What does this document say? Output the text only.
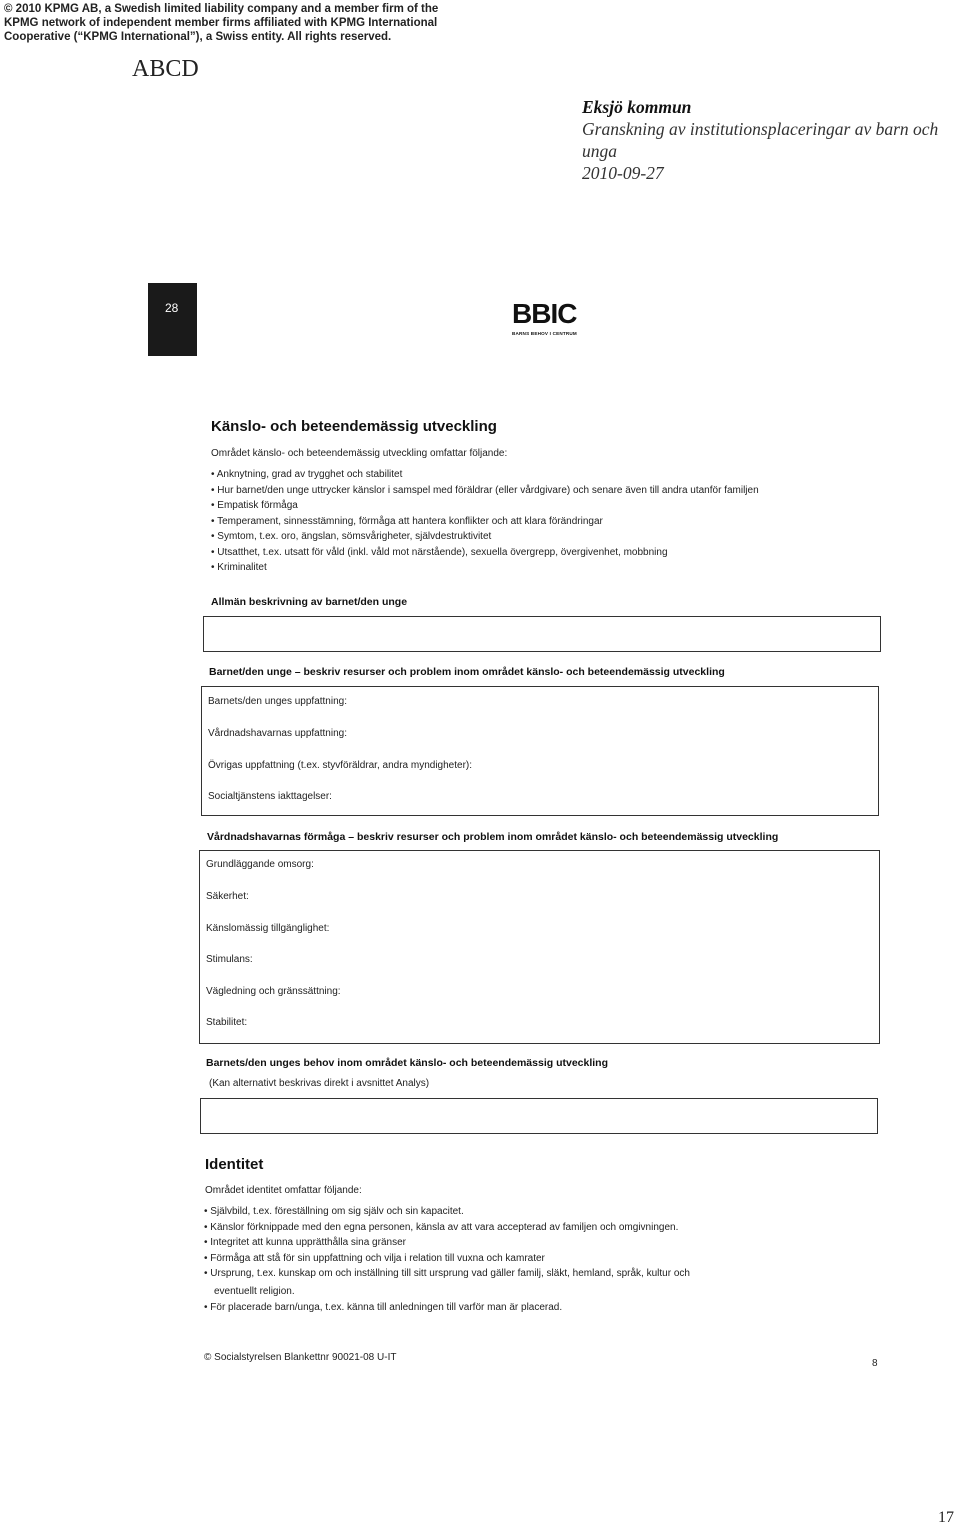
© 2010 KPMG AB, a Swedish limited liability company and a member firm of the
KPMG network of independent member firms affiliated with KPMG International
Cooperative (“KPMG International”), a Swiss entity. All rights reserved.
ABCD
Eksjö kommun
Granskning av institutionsplaceringar av barn och
unga
2010-09-27
28	BBIC
BARNS BEHOV I CENTRUM
Känslo- och beteendemässig utveckling
Området känslo- och beteendemässig utveckling omfattar följande:
• Anknytning, grad av trygghet och stabilitet
• Hur barnet/den unge uttrycker känslor i samspel med föräldrar (eller vårdgivare) och senare även till andra utanför familjen
• Empatisk förmåga
• Temperament, sinnesstämning, förmåga att hantera konflikter och att klara förändringar
• Symtom, t.ex. oro, ängslan, sömsvårigheter, självdestruktivitet
• Utsatthet, t.ex. utsatt för våld (inkl. våld mot närstående), sexuella övergrepp, övergivenhet, mobbning
• Kriminalitet
Allmän beskrivning av barnet/den unge
Barnet/den unge – beskriv resurser och problem inom området känslo- och beteendemässig utveckling
Barnets/den unges uppfattning:
Vårdnadshavarnas uppfattning:
Övrigas uppfattning (t.ex. styvföräldrar, andra myndigheter):
Socialtjänstens iakttagelser:
Vårdnadshavarnas förmåga – beskriv resurser och problem inom området känslo- och beteendemässig utveckling
Grundläggande omsorg:
Säkerhet:
Känslomässig tillgänglighet:
Stimulans:
Vägledning och gränssättning:
Stabilitet:
Barnets/den unges behov inom området känslo- och beteendemässig utveckling
(Kan alternativt beskrivas direkt i avsnittet Analys)
Identitet
Området identitet omfattar följande:
• Självbild, t.ex. föreställning om sig själv och sin kapacitet.
• Känslor förknippade med den egna personen, känsla av att vara accepterad av familjen och omgivningen.
• Integritet att kunna upprätthålla sina gränser
• Förmåga att stå för sin uppfattning och vilja i relation till vuxna och kamrater
• Ursprung, t.ex. kunskap om och inställning till sitt ursprung vad gäller familj, släkt, hemland, språk, kultur och
eventuellt religion.
• För placerade barn/unga, t.ex. känna till anledningen till varför man är placerad.
© Socialstyrelsen Blankettnr 90021-08 U-IT
8
17
